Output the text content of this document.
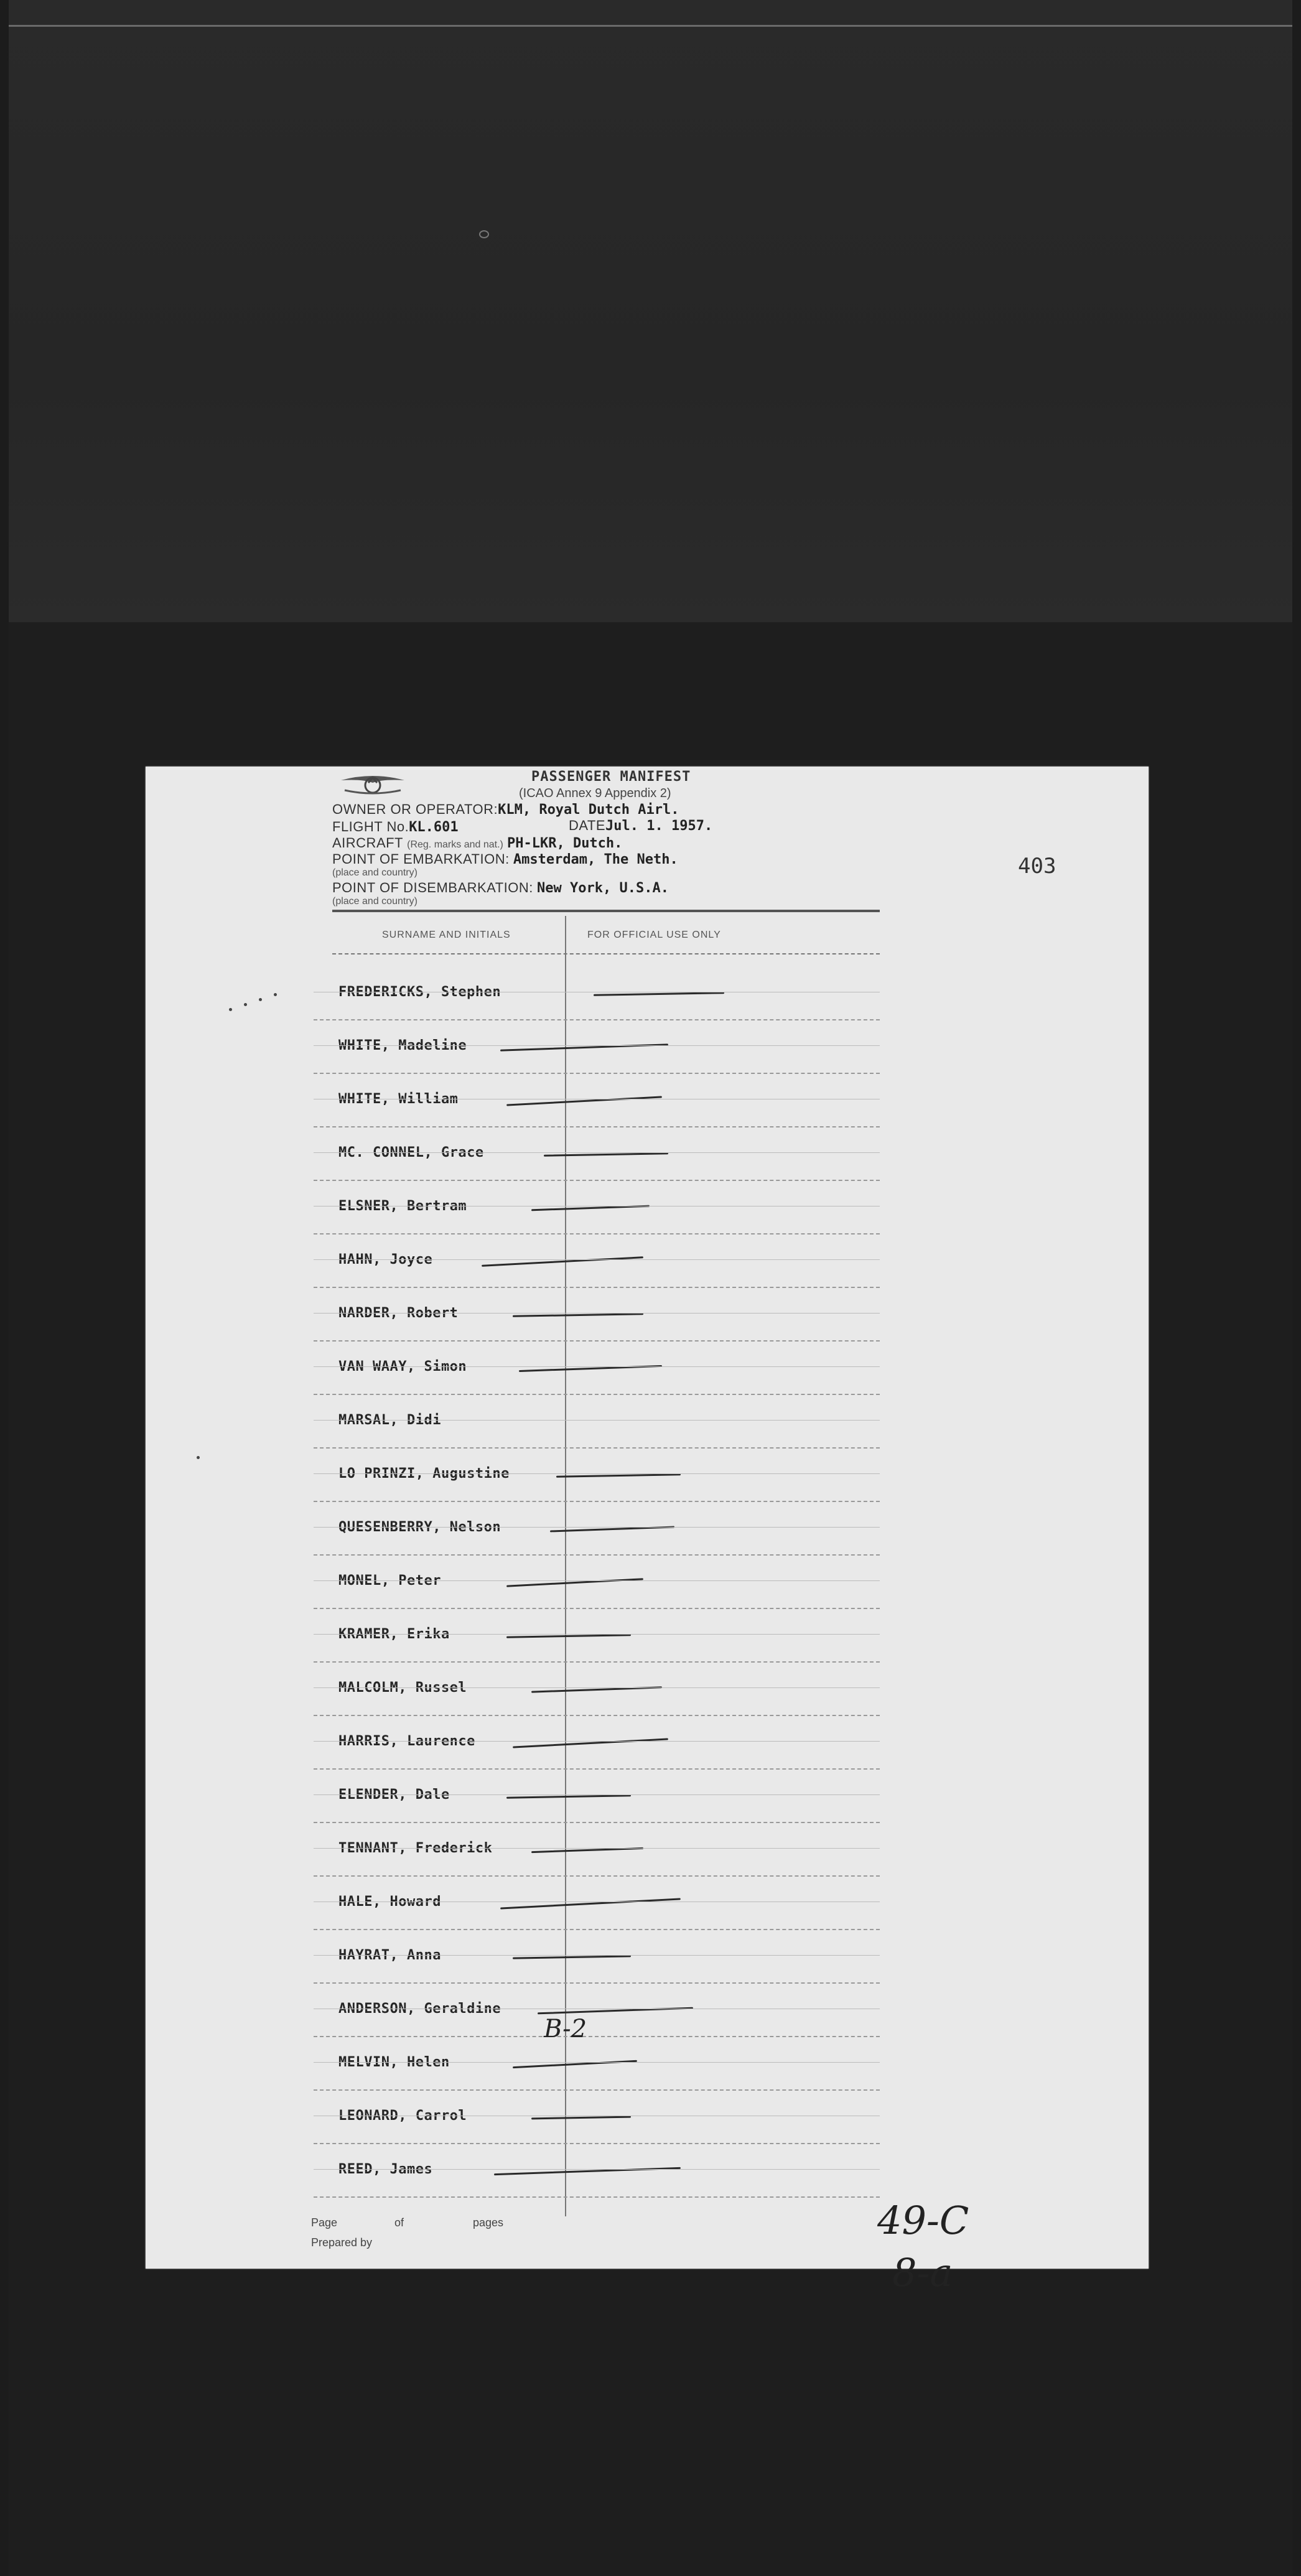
PASSENGER MANIFEST
(ICAO Annex 9 Appendix 2)
OWNER OR OPERATOR:KLM, Royal Dutch Airl.
FLIGHT No.KL.601	DATEJul. 1. 1957.
AIRCRAFT (Reg. marks and nat.) PH-LKR, Dutch.
POINT OF EMBARKATION: Amsterdam, The Neth.
(place and country)
POINT OF DISEMBARKATION: New York, U.S.A.
(place and country)
SURNAME AND INITIALS	FOR OFFICIAL USE ONLY
FREDERICKS, Stephen
WHITE, Madeline
WHITE, William
MC. CONNEL, Grace
ELSNER, Bertram
HAHN, Joyce
NARDER, Robert
VAN WAAY, Simon
MARSAL, Didi
LO PRINZI, Augustine
QUESENBERRY, Nelson
MONEL, Peter
KRAMER, Erika
MALCOLM, Russel
HARRIS, Laurence
ELENDER, Dale
TENNANT, Frederick
HALE, Howard
HAYRAT, Anna
ANDERSON, Geraldine
MELVIN, Helen
LEONARD, Carrol
REED, James
B-2
403
49-C
8-a
Page	of	pages
Prepared by
